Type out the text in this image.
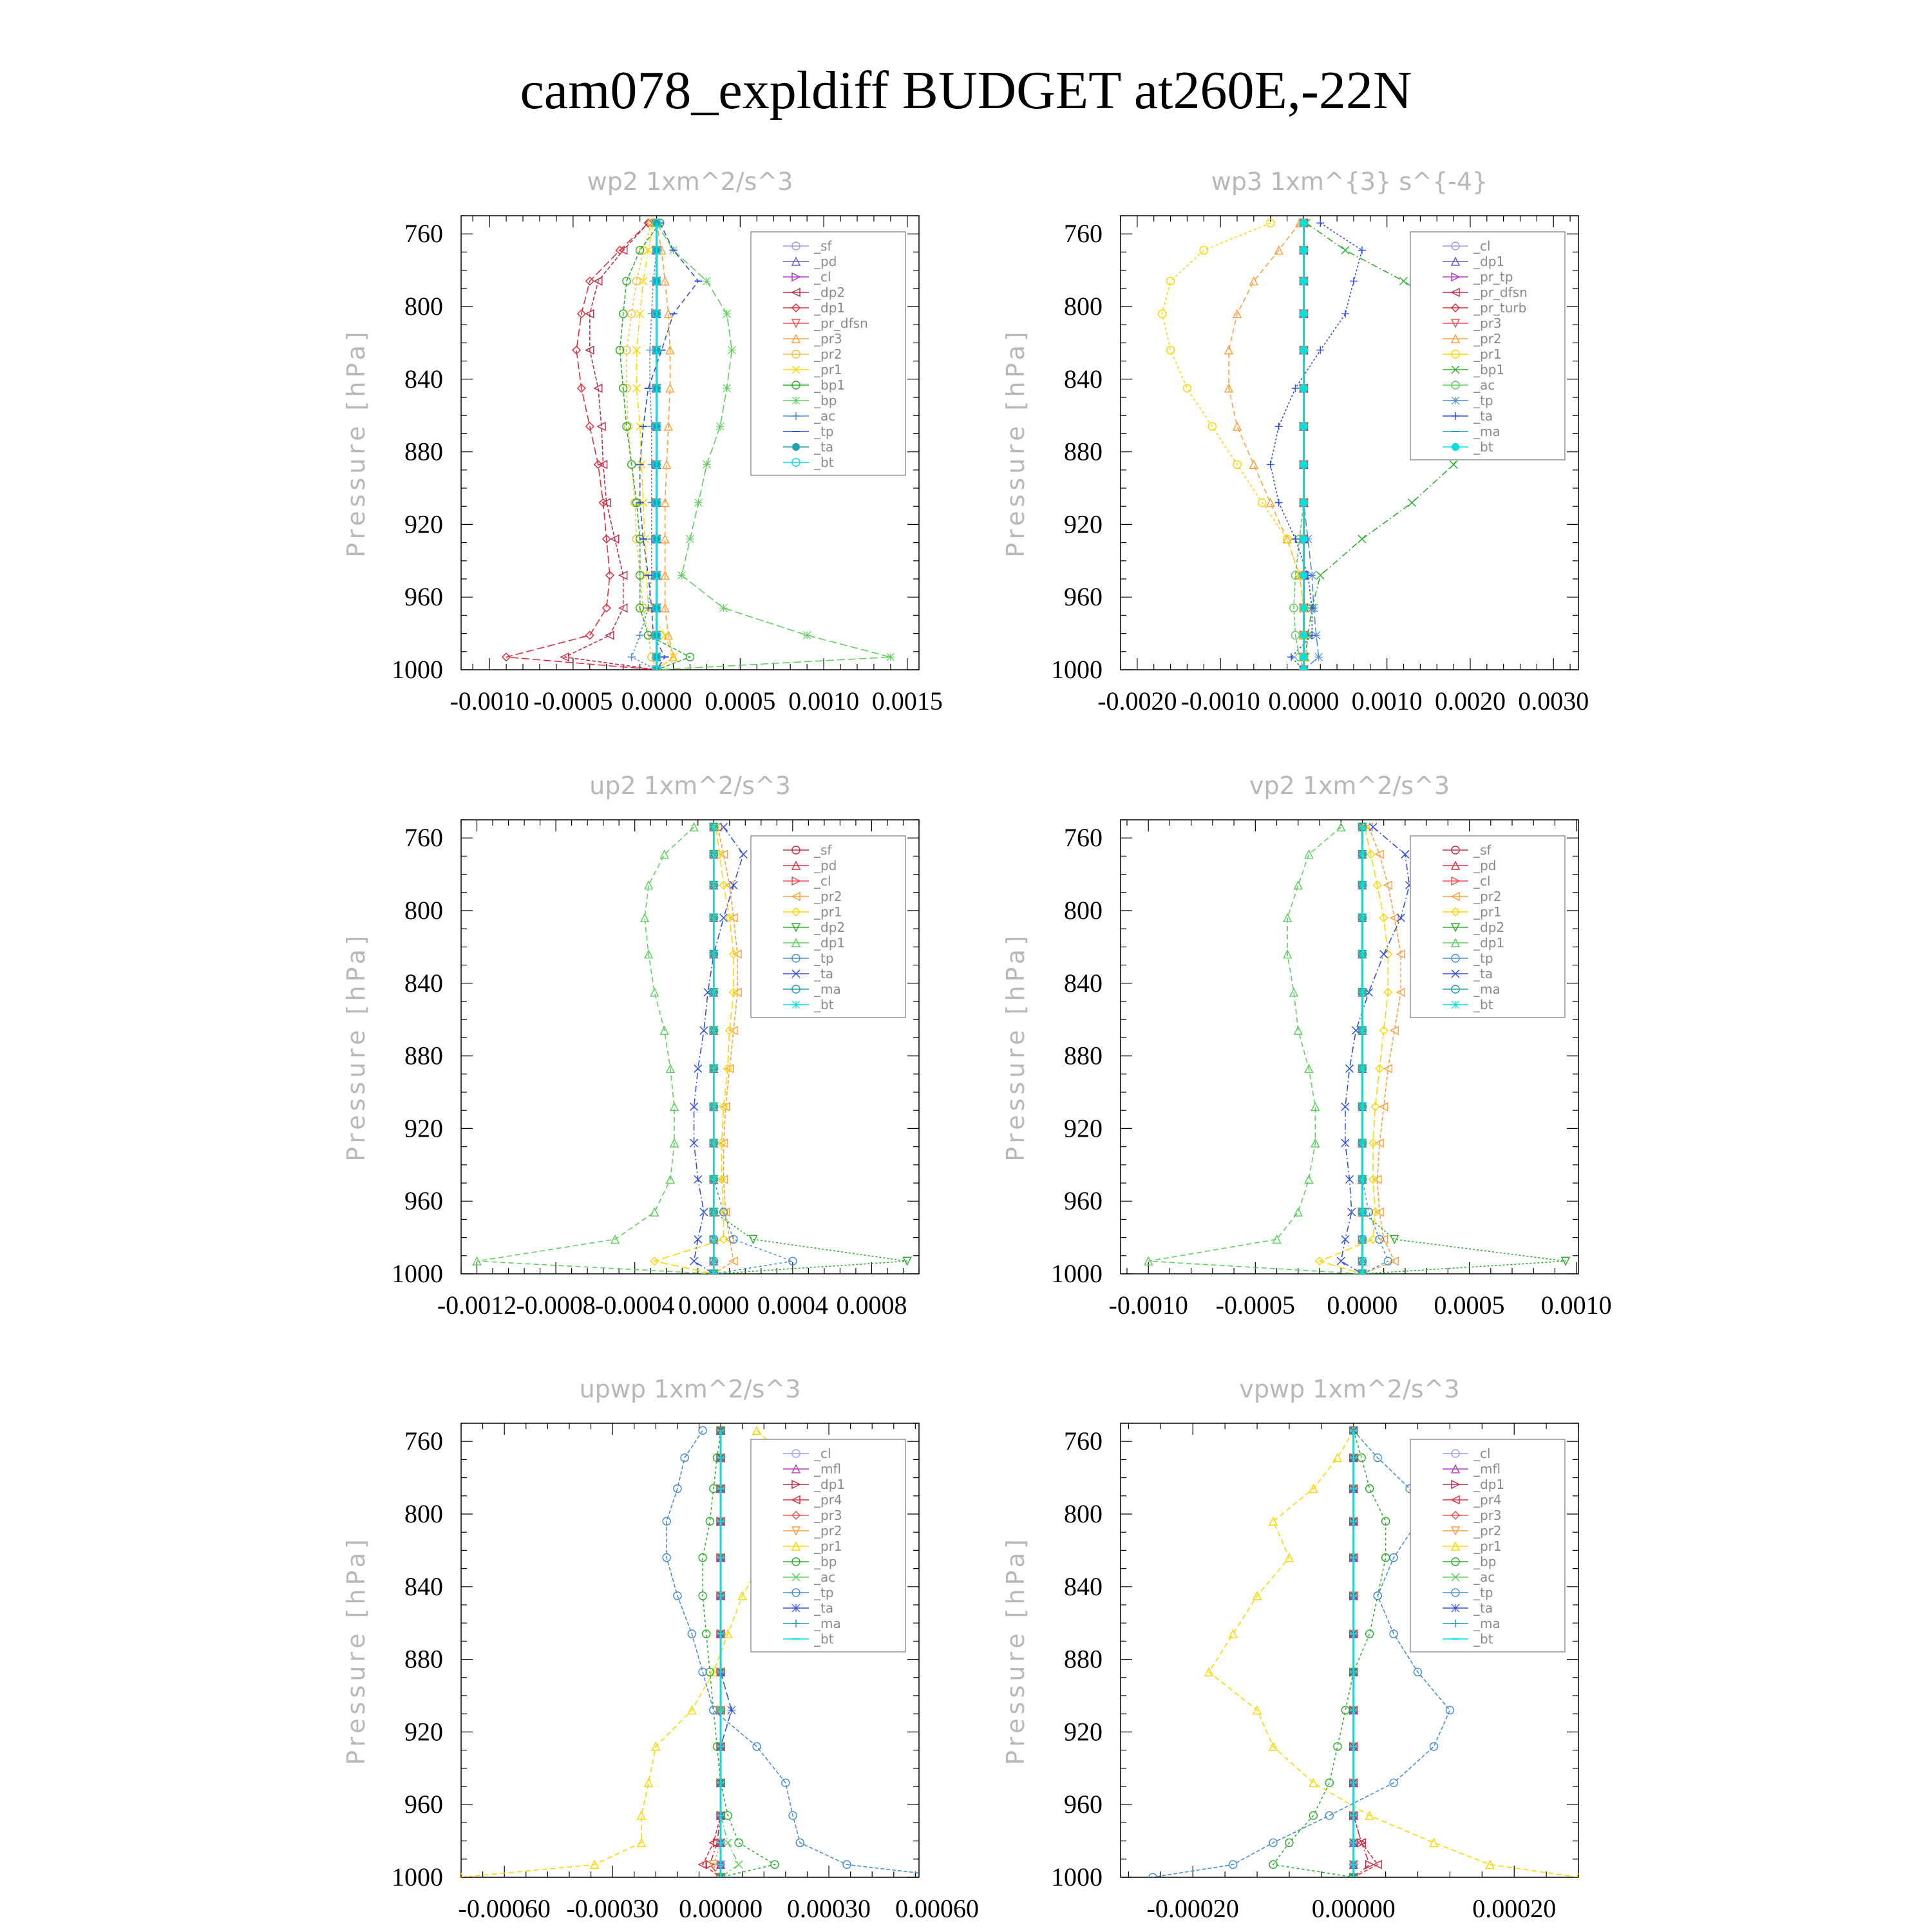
cam078_expldiff BUDGET at260E,-22N
wp2 1xm^2/s^3
Pressure [hPa]
760
800
840
880
920
960
1000
-0.0010 -0.0005 0.0000 0.0005 0.0010 0.0015
_sf
_pd
_cl
_dp2
_dp1
_pr_dfsn
_pr3
_pr2
_pr1
_bp1
_bp
_ac
_tp
_ta
_bt
wp3 1xm^{3} s^{-4}
Pressure [hPa]
760
800
840
880
920
960
1000
-0.0020 -0.0010 0.0000 0.0010 0.0020 0.0030
_cl
_dp1
_pr_tp
_pr_dfsn
_pr_turb
_pr3
_pr2
_pr1
_bp1
_ac
_tp
_ta
_ma
_bt
up2 1xm^2/s^3
Pressure [hPa]
760
800
840
880
920
960
1000
-0.0012 -0.0008 -0.0004 0.0000 0.0004 0.0008
_sf
_pd
_cl
_pr2
_pr1
_dp2
_dp1
_tp
_ta
_ma
_bt
vp2 1xm^2/s^3
Pressure [hPa]
760
800
840
880
920
960
1000
-0.0010 -0.0005 0.0000 0.0005 0.0010
_sf
_pd
_cl
_pr2
_pr1
_dp2
_dp1
_tp
_ta
_ma
_bt
upwp 1xm^2/s^3
Pressure [hPa]
760
800
840
880
920
960
1000
-0.00060 -0.00030 0.00000 0.00030 0.00060
_cl
_mfl
_dp1
_pr4
_pr3
_pr2
_pr1
_bp
_ac
_tp
_ta
_ma
_bt
vpwp 1xm^2/s^3
Pressure [hPa]
760
800
840
880
920
960
1000
-0.00020	0.00000	0.00020
_cl
_mfl
_dp1
_pr4
_pr3
_pr2
_pr1
_bp
_ac
_tp
_ta
_ma
_bt
